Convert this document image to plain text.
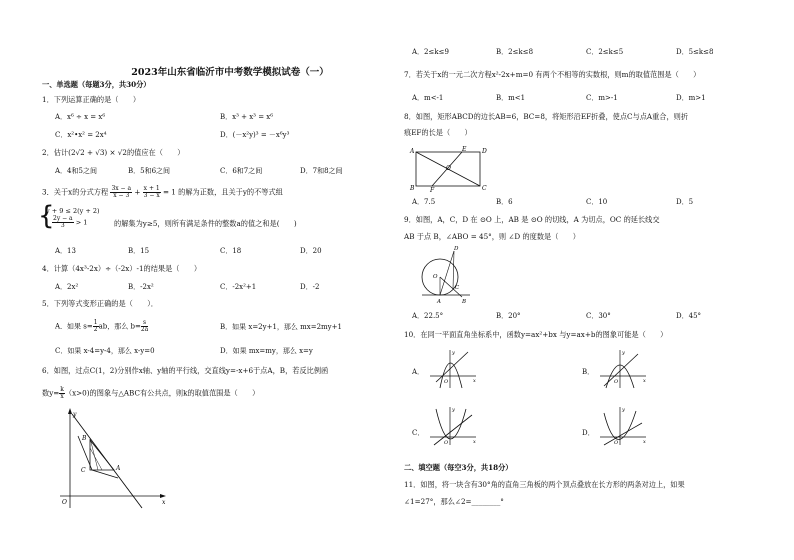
2023年山东省临沂市中考数学模拟试卷（一）
一、单选题（每题3分，共30分）
1．下列运算正确的是（　　）
A．x⁶ ÷ x = x⁶	B．x³ + x³ = x⁶
C．x²•x² = 2x⁴	D．(－x²y)³ = －x⁶y³
2．估计(2√2 + √3) × √2的值应在（　　）
A．4和5之间	B．5和6之间	C．6和7之间	D．7和8之间
3．关于x的分式方程 $\frac{3x - a}{x - 3} + \frac{x + 1}{3 - x} = 1$ 的解为正数，且关于y的不等式组
{
y + 9 ≤ 2(y + 2)
$\frac{2y - a}{3} > 1$	的解集为y≥5，则所有满足条件的整数a的值之和是(　　)
A．13	B．15	C．18	D．20
4．计算（4x³-2x）÷（-2x）-1的结果是（　　）
A．2x²	B．-2x²	C．-2x²+1	D．-2
5．下列等式变形正确的是（　　）．
A．如果 $s= \frac{1}{2}$ ab，那么 $b= \frac{s}{2a}$	B．如果 x=2y+1，那么 mx=2my+1
C．如果 x-4=y-4，那么 x-y=0	D．如果 mx=my，那么 x=y
6．如图，过点C(1，2)分别作x轴、y轴的平行线，交直线y=-x+6于点A，B，若反比例函
数$y= \frac{k}{x} (x>0)$的图象与△ABC有公共点，则k的取值范围是（　　）
y
B
A
C
O	x
A．2≤k≤9	B．2≤k≤8	C．2≤k≤5	D．5≤k≤8
7．若关于x的一元二次方程x²-2x+m=0 有两个不相等的实数根，则m的取值范围是（　　）
A．m<-1	B．m<1	C．m>-1	D．m>1
8．如图，矩形ABCD的边长AB=6，BC=8，将矩形沿EF折叠，使点C与点A重合，则折
痕EF的长是（　　）
A	D
E
O
B	F	C
A．7.5	B．6	C．10	D．5
9．如图，A，C，D 在 ⊙O 上，AB 是 ⊙O 的切线，A 为切点，OC 的延长线交
AB 于点 B，∠ABO = 45°，则 ∠D 的度数是（　　）
D
O
C
A	B
A．22.5°	B．20°	C．30°	D．45°
10．在同一平面直角坐标系中，函数y=ax²+bx 与y=ax+b的图象可能是（　　）
A．
y
x
O
B．
y
x
O
C．
y
x
O
D．
y
x
O
二、填空题（每空3分，共18分）
11．如图，将一块含有30°角的直角三角板的两个顶点叠放在长方形的两条对边上，如果
∠1=27°，那么∠2=________°
